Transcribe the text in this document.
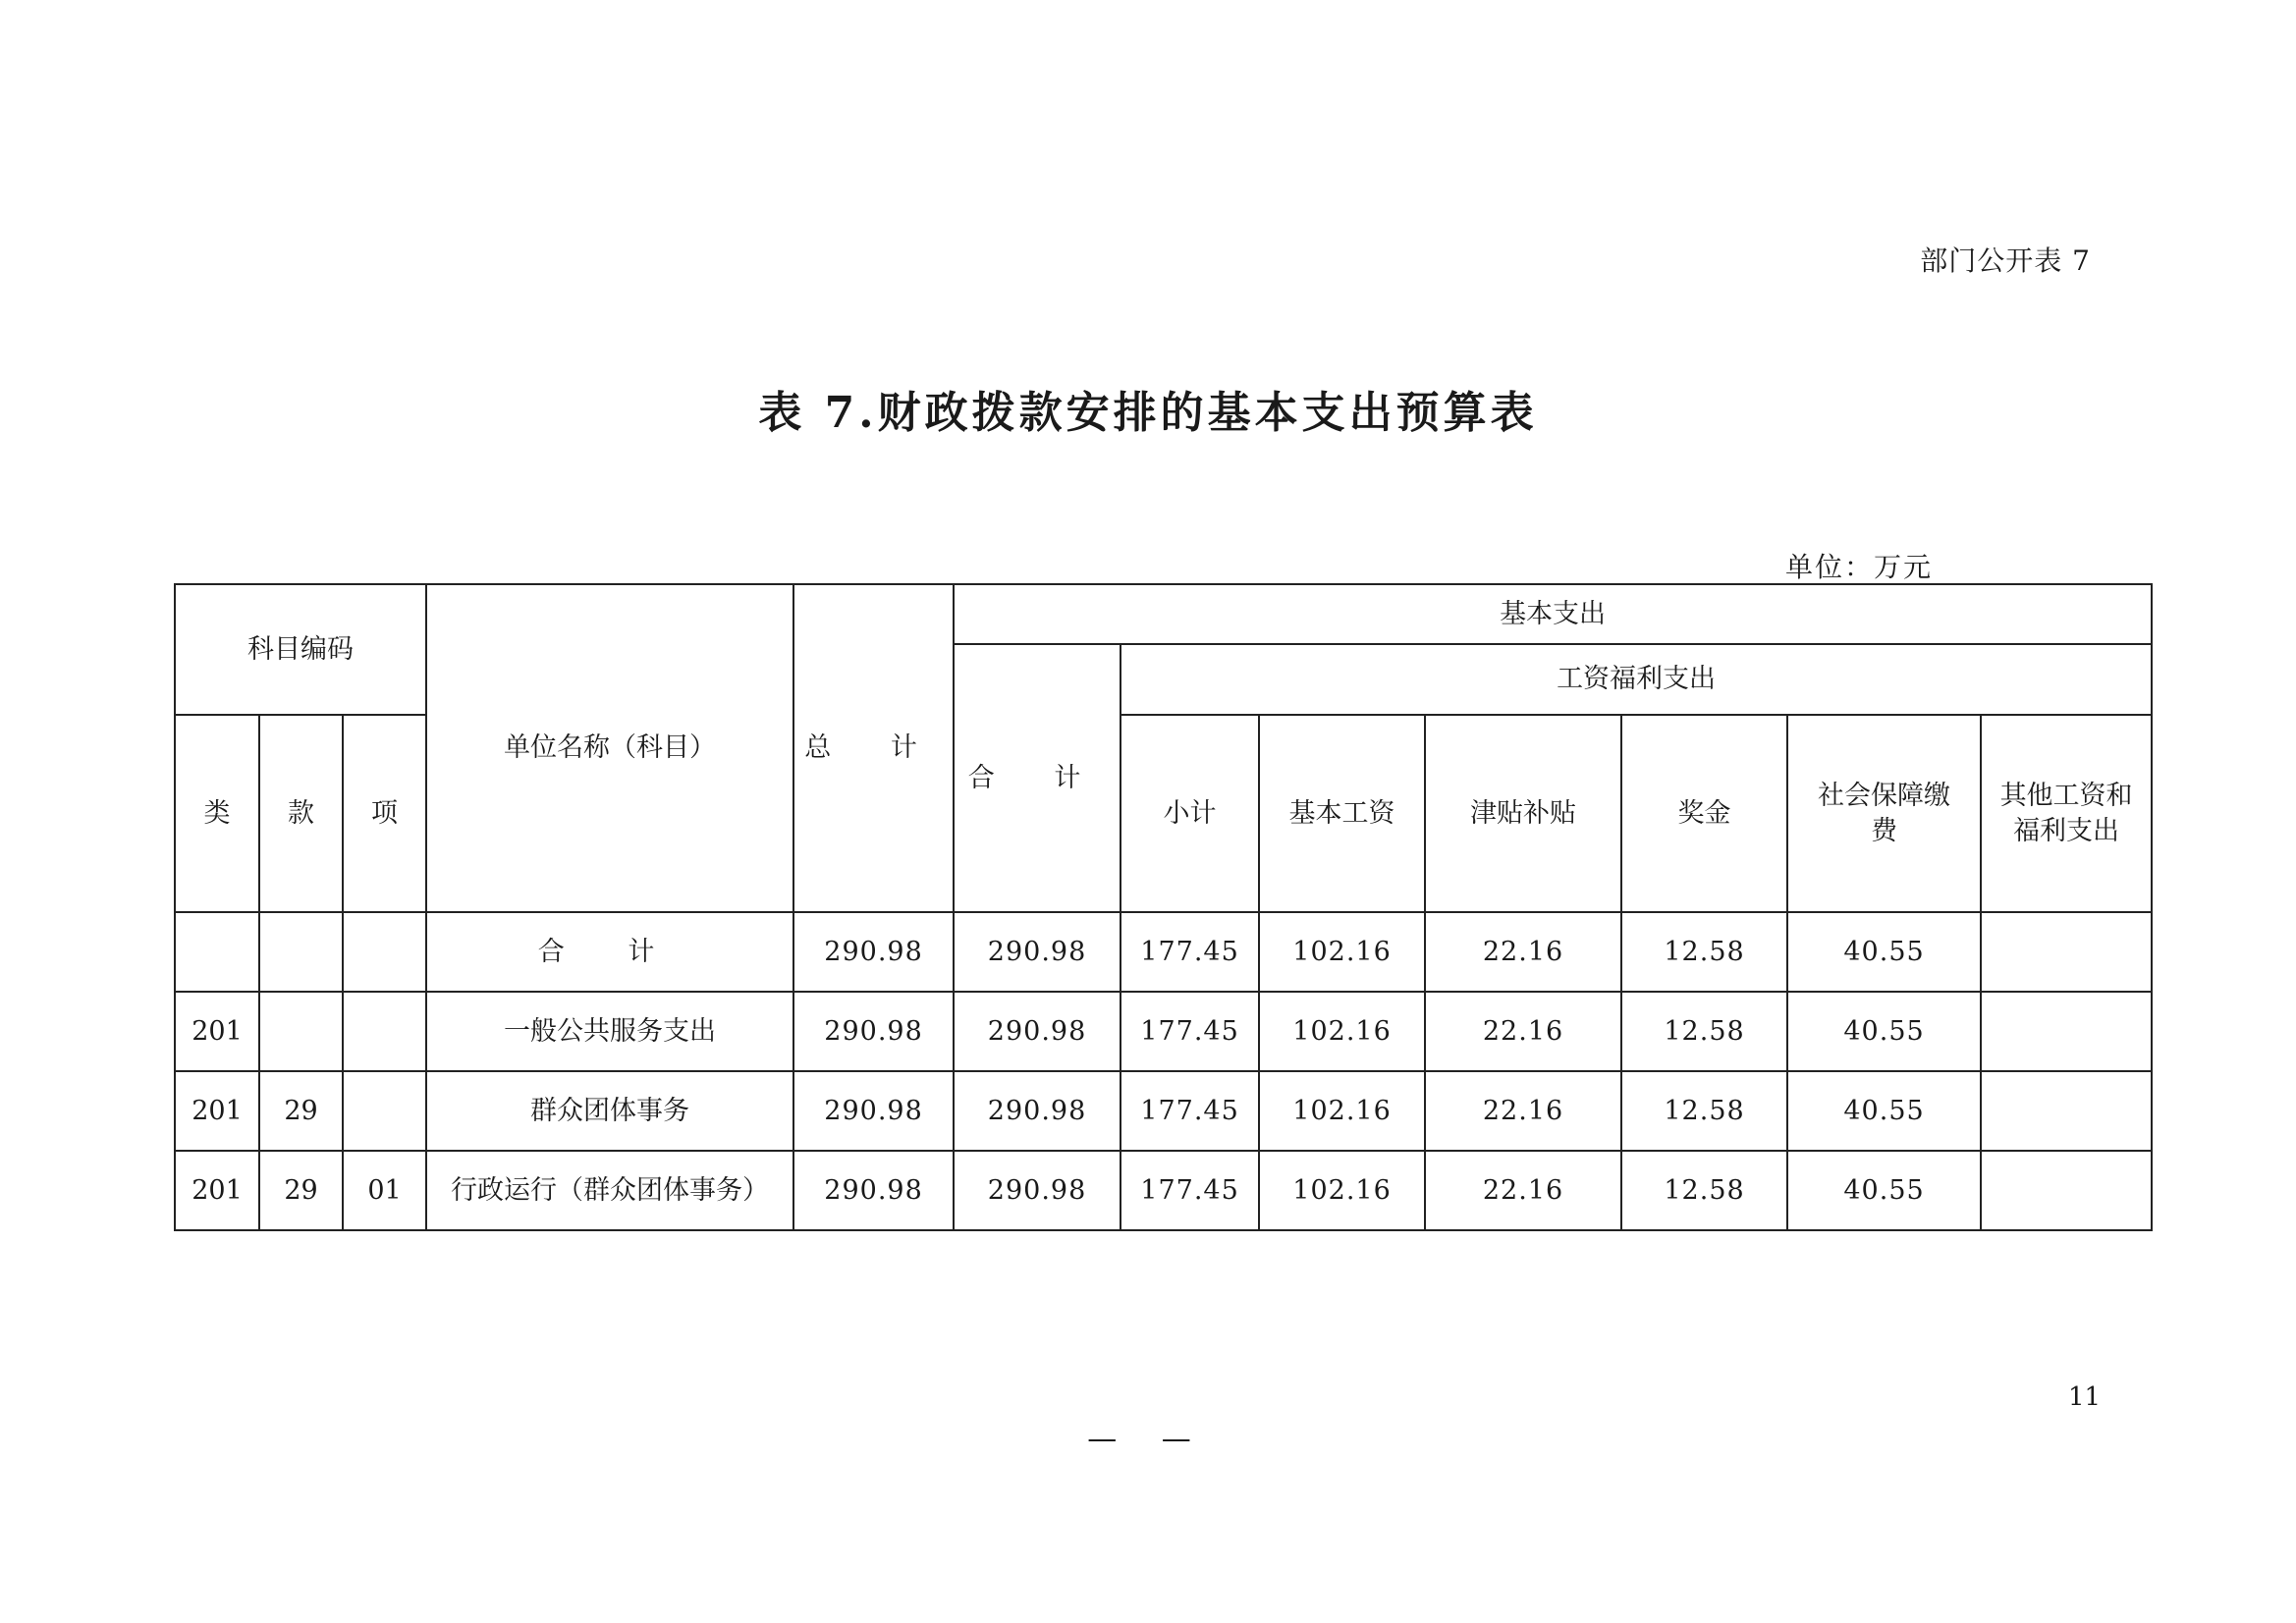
部门公开表 7
表 7.财政拨款安排的基本支出预算表
单位：万元
科目编码			单位名称（科目）	总 计	基本支出						
					合 计	工资福利支出					
类	款	项				小计	基本工资	津贴补贴	奖金	社会保障缴费	其他工资和福利支出
			合 计	290.98	290.98	177.45	102.16	22.16	12.58	40.55	
201			一般公共服务支出	290.98	290.98	177.45	102.16	22.16	12.58	40.55	
201	29		群众团体事务	290.98	290.98	177.45	102.16	22.16	12.58	40.55	
201	29	01	行政运行（群众团体事务）	290.98	290.98	177.45	102.16	22.16	12.58	40.55	
11
— —
